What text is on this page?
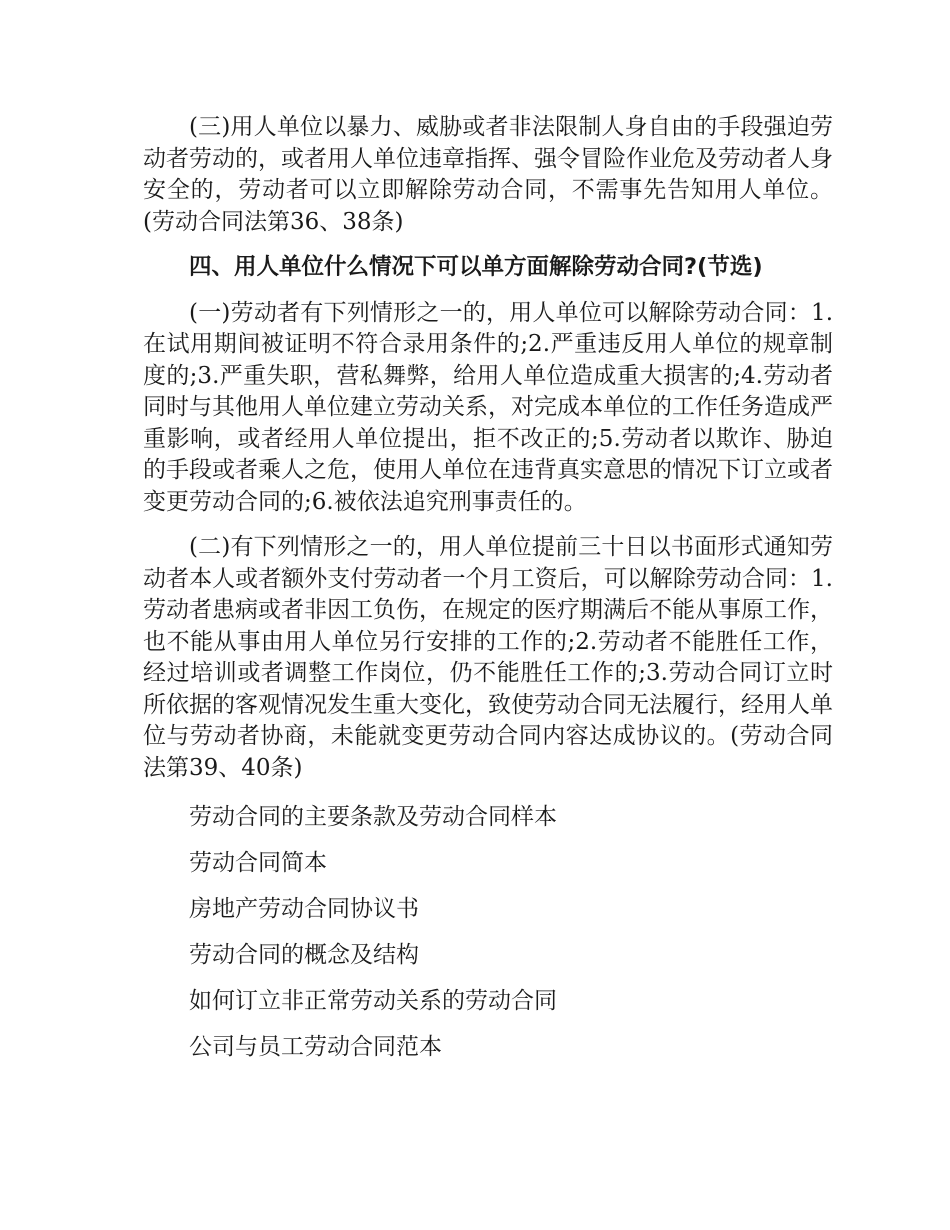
(三)用人单位以暴力、威胁或者非法限制人身自由的手段强迫劳动者劳动的，或者用人单位违章指挥、强令冒险作业危及劳动者人身安全的，劳动者可以立即解除劳动合同，不需事先告知用人单位。(劳动合同法第36、38条)

四、用人单位什么情况下可以单方面解除劳动合同?(节选)

(一)劳动者有下列情形之一的，用人单位可以解除劳动合同：1.在试用期间被证明不符合录用条件的;2.严重违反用人单位的规章制度的;3.严重失职，营私舞弊，给用人单位造成重大损害的;4.劳动者同时与其他用人单位建立劳动关系，对完成本单位的工作任务造成严重影响，或者经用人单位提出，拒不改正的;5.劳动者以欺诈、胁迫的手段或者乘人之危，使用人单位在违背真实意思的情况下订立或者变更劳动合同的;6.被依法追究刑事责任的。

(二)有下列情形之一的，用人单位提前三十日以书面形式通知劳动者本人或者额外支付劳动者一个月工资后，可以解除劳动合同：1.劳动者患病或者非因工负伤，在规定的医疗期满后不能从事原工作，也不能从事由用人单位另行安排的工作的;2.劳动者不能胜任工作，经过培训或者调整工作岗位，仍不能胜任工作的;3.劳动合同订立时所依据的客观情况发生重大变化，致使劳动合同无法履行，经用人单位与劳动者协商，未能就变更劳动合同内容达成协议的。(劳动合同法第39、40条)

劳动合同的主要条款及劳动合同样本
劳动合同简本
房地产劳动合同协议书
劳动合同的概念及结构
如何订立非正常劳动关系的劳动合同
公司与员工劳动合同范本
